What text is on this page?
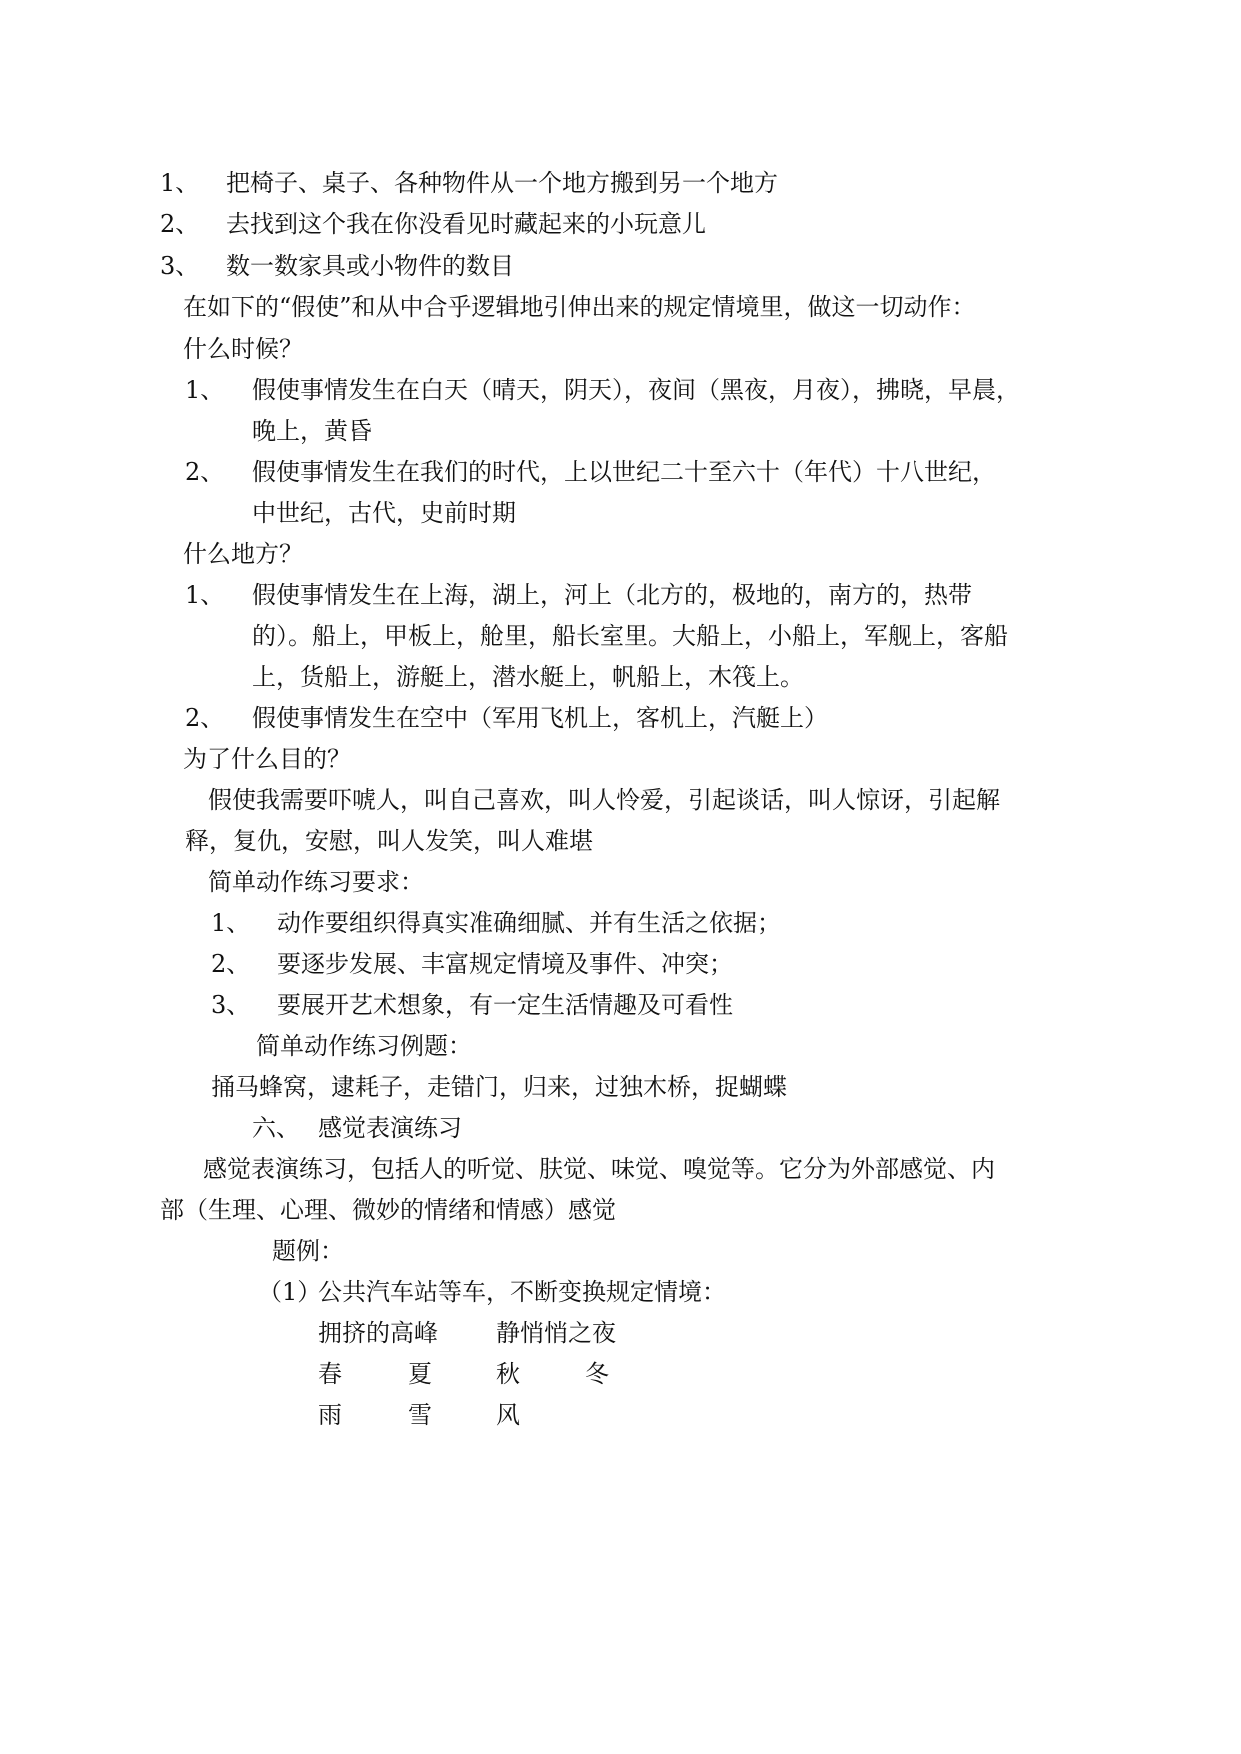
1、 把椅子、桌子、各种物件从一个地方搬到另一个地方
2、 去找到这个我在你没看见时藏起来的小玩意儿
3、 数一数家具或小物件的数目
在如下的“假使”和从中合乎逻辑地引伸出来的规定情境里，做这一切动作：
什么时候？
1、 假使事情发生在白天（晴天，阴天），夜间（黑夜，月夜），拂晓，早晨，
晚上，黄昏
2、 假使事情发生在我们的时代，上以世纪二十至六十（年代）十八世纪，
中世纪，古代，史前时期
什么地方？
1、 假使事情发生在上海，湖上，河上（北方的，极地的，南方的，热带
的）。船上，甲板上，舱里，船长室里。大船上，小船上，军舰上，客船
上，货船上，游艇上，潜水艇上，帆船上，木筏上。
2、 假使事情发生在空中（军用飞机上，客机上，汽艇上）
为了什么目的？
假使我需要吓唬人，叫自己喜欢，叫人怜爱，引起谈话，叫人惊讶，引起解
释，复仇，安慰，叫人发笑，叫人难堪
简单动作练习要求：
1、 动作要组织得真实准确细腻、并有生活之依据；
2、 要逐步发展、丰富规定情境及事件、冲突；
3、 要展开艺术想象，有一定生活情趣及可看性
简单动作练习例题：
捅马蜂窝，逮耗子，走错门，归来，过独木桥，捉蝴蝶
六、 感觉表演练习
感觉表演练习，包括人的听觉、肤觉、味觉、嗅觉等。它分为外部感觉、内
部（生理、心理、微妙的情绪和情感）感觉
题例：
（1）
公共汽车站等车，不断变换规定情境：
拥挤的高峰 静悄悄之夜
春	夏	秋	冬
雨	雪	风
